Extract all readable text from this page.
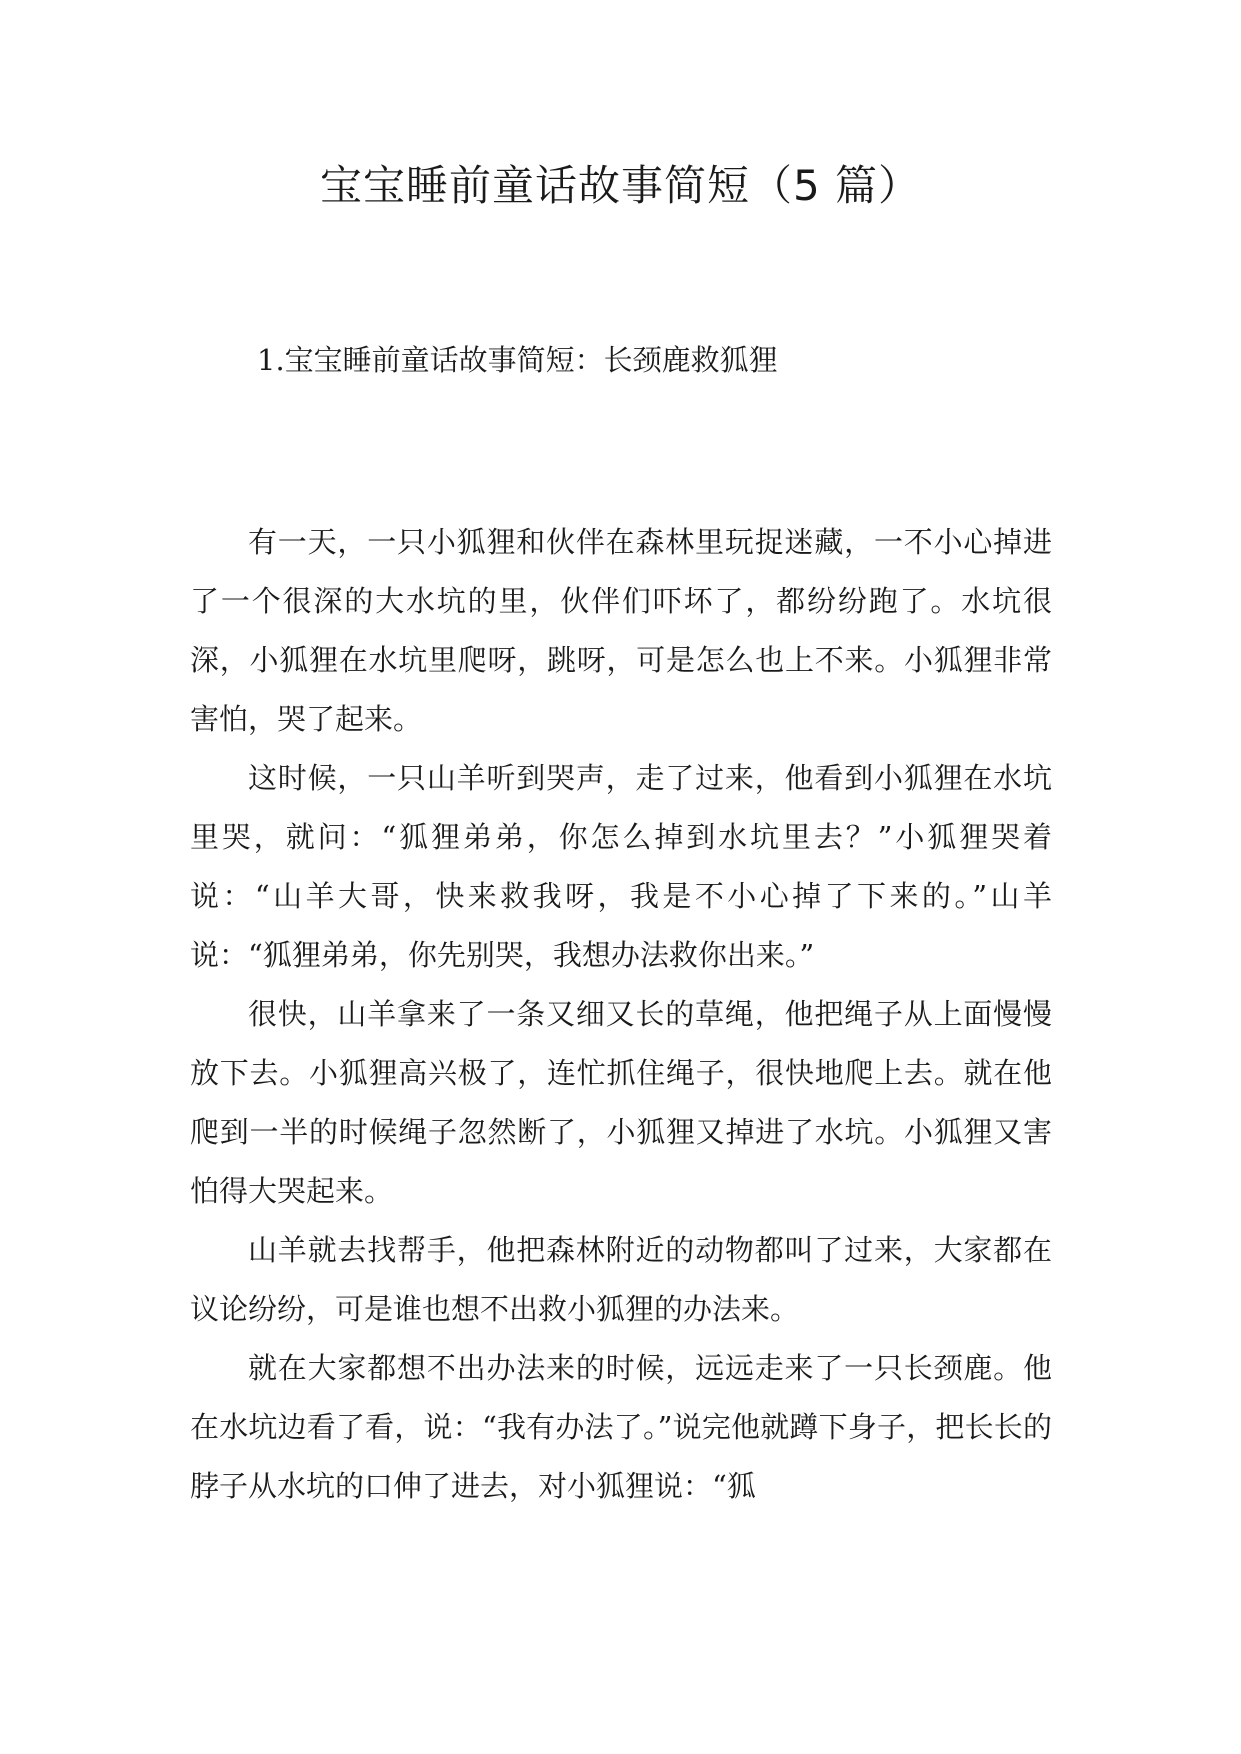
宝宝睡前童话故事简短（5 篇）
1.宝宝睡前童话故事简短：长颈鹿救狐狸

有一天，一只小狐狸和伙伴在森林里玩捉迷藏，一不小心掉进了一个很深的大水坑的里，伙伴们吓坏了，都纷纷跑了。水坑很深，小狐狸在水坑里爬呀，跳呀，可是怎么也上不来。小狐狸非常害怕，哭了起来。

这时候，一只山羊听到哭声，走了过来，他看到小狐狸在水坑里哭，就问：“狐狸弟弟，你怎么掉到水坑里去？”小狐狸哭着说：“山羊大哥，快来救我呀，我是不小心掉了下来的。”山羊说：“狐狸弟弟，你先别哭，我想办法救你出来。”

很快，山羊拿来了一条又细又长的草绳，他把绳子从上面慢慢放下去。小狐狸高兴极了，连忙抓住绳子，很快地爬上去。就在他爬到一半的时候绳子忽然断了，小狐狸又掉进了水坑。小狐狸又害怕得大哭起来。

山羊就去找帮手，他把森林附近的动物都叫了过来，大家都在议论纷纷，可是谁也想不出救小狐狸的办法来。

就在大家都想不出办法来的时候，远远走来了一只长颈鹿。他在水坑边看了看，说：“我有办法了。”说完他就蹲下身子，把长长的脖子从水坑的口伸了进去，对小狐狸说：“狐
